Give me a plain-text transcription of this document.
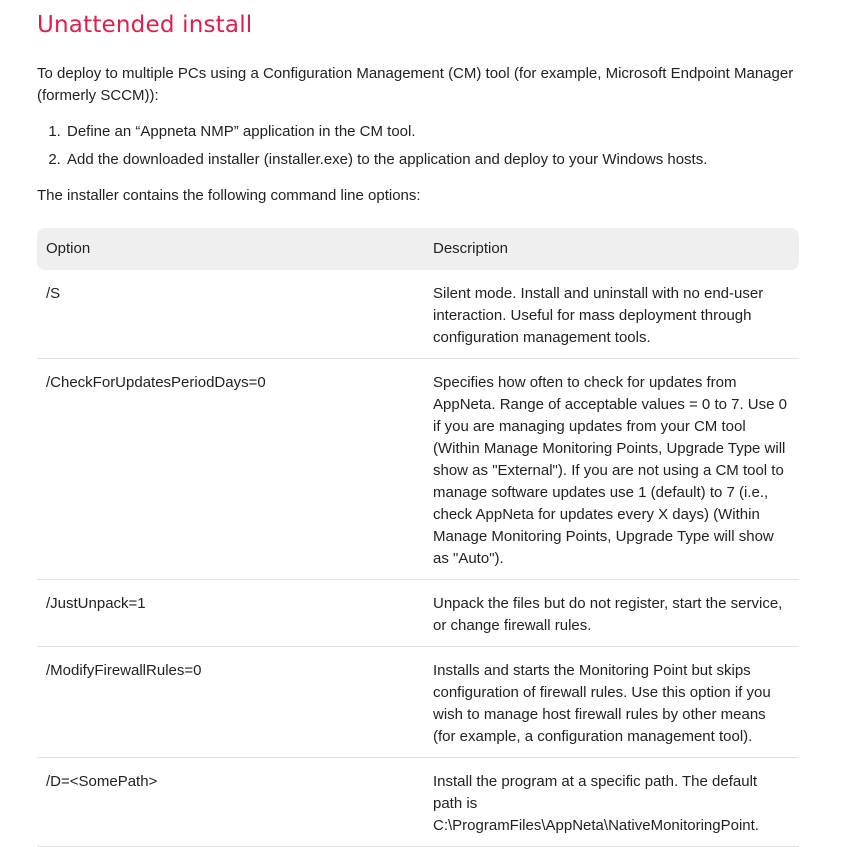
Unattended install

To deploy to multiple PCs using a Configuration Management (CM) tool (for example, Microsoft Endpoint Manager (formerly SCCM)):

1. Define an “Appneta NMP” application in the CM tool.
2. Add the downloaded installer (installer.exe) to the application and deploy to your Windows hosts.

The installer contains the following command line options:

Option	Description
/S	Silent mode. Install and uninstall with no end-user interaction. Useful for mass deployment through configuration management tools.
/CheckForUpdatesPeriodDays=0	Specifies how often to check for updates from AppNeta. Range of acceptable values = 0 to 7. Use 0 if you are managing updates from your CM tool (Within Manage Monitoring Points, Upgrade Type will show as "External"). If you are not using a CM tool to manage software updates use 1 (default) to 7 (i.e., check AppNeta for updates every X days) (Within Manage Monitoring Points, Upgrade Type will show as "Auto").
/JustUnpack=1	Unpack the files but do not register, start the service, or change firewall rules.
/ModifyFirewallRules=0	Installs and starts the Monitoring Point but skips configuration of firewall rules. Use this option if you wish to manage host firewall rules by other means (for example, a configuration management tool).
/D=<SomePath>	Install the program at a specific path. The default path is C:\ProgramFiles\AppNeta\NativeMonitoringPoint.
